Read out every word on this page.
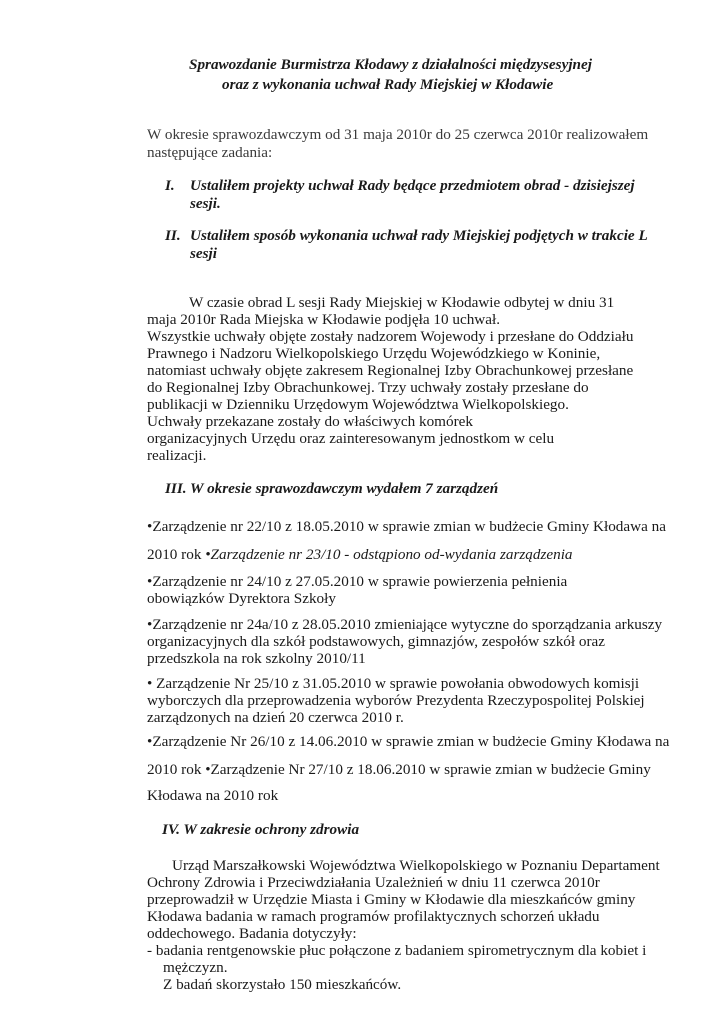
Sprawozdanie Burmistrza Kłodawy z działalności międzysesyjnej
oraz z wykonania uchwał Rady Miejskiej w Kłodawie
W okresie sprawozdawczym od 31 maja 2010r do 25 czerwca 2010r realizowałem
następujące zadania:
I. Ustaliłem projekty uchwał Rady będące przedmiotem obrad - dzisiejszej
sesji.
II. Ustaliłem sposób wykonania uchwał rady Miejskiej podjętych w trakcie L
sesji
W czasie obrad L sesji Rady Miejskiej w Kłodawie odbytej w dniu 31
maja 2010r Rada Miejska w Kłodawie podjęła 10 uchwał.
Wszystkie uchwały objęte zostały nadzorem Wojewody i przesłane do Oddziału
Prawnego i Nadzoru Wielkopolskiego Urzędu Wojewódzkiego w Koninie,
natomiast uchwały objęte zakresem Regionalnej Izby Obrachunkowej przesłane
do Regionalnej Izby Obrachunkowej. Trzy uchwały zostały przesłane do
publikacji w Dzienniku Urzędowym Województwa Wielkopolskiego.
Uchwały przekazane zostały do właściwych komórek
organizacyjnych Urzędu oraz zainteresowanym jednostkom w celu
realizacji.
III. W okresie sprawozdawczym wydałem 7 zarządzeń
•Zarządzenie nr 22/10 z 18.05.2010 w sprawie zmian w budżecie Gminy Kłodawa na
2010 rok •Zarządzenie nr 23/10 - odstąpiono od-wydania zarządzenia
•Zarządzenie nr 24/10 z 27.05.2010 w sprawie powierzenia pełnienia
obowiązków Dyrektora Szkoły
•Zarządzenie nr 24a/10 z 28.05.2010 zmieniające wytyczne do sporządzania arkuszy
organizacyjnych dla szkół podstawowych, gimnazjów, zespołów szkół oraz
przedszkola na rok szkolny 2010/11
• Zarządzenie Nr 25/10 z 31.05.2010 w sprawie powołania obwodowych komisji
wyborczych dla przeprowadzenia wyborów Prezydenta Rzeczypospolitej Polskiej
zarządzonych na dzień 20 czerwca 2010 r.
•Zarządzenie Nr 26/10 z 14.06.2010 w sprawie zmian w budżecie Gminy Kłodawa na
2010 rok •Zarządzenie Nr 27/10 z 18.06.2010 w sprawie zmian w budżecie Gminy
Kłodawa na 2010 rok
IV. W zakresie ochrony zdrowia
Urząd Marszałkowski Województwa Wielkopolskiego w Poznaniu Departament
Ochrony Zdrowia i Przeciwdziałania Uzależnień w dniu 11 czerwca 2010r
przeprowadził w Urzędzie Miasta i Gminy w Kłodawie dla mieszkańców gminy
Kłodawa badania w ramach programów profilaktycznych schorzeń układu
oddechowego. Badania dotyczyły:
- badania rentgenowskie płuc połączone z badaniem spirometrycznym dla kobiet i
mężczyzn.
Z badań skorzystało 150 mieszkańców.
